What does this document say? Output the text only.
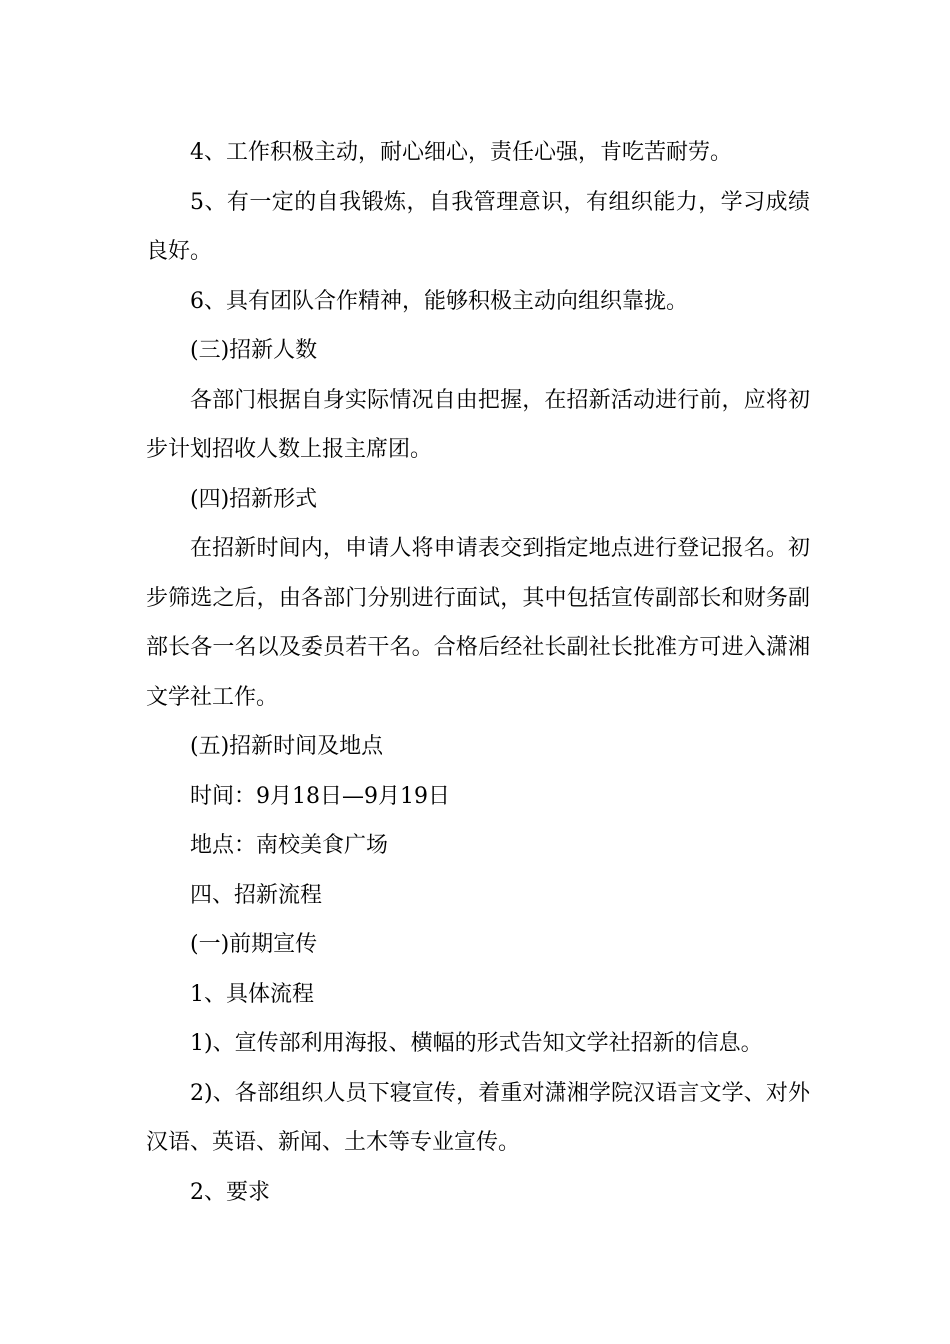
4、工作积极主动，耐心细心，责任心强，肯吃苦耐劳。

5、有一定的自我锻炼，自我管理意识，有组织能力，学习成绩良好。

6、具有团队合作精神，能够积极主动向组织靠拢。

(三)招新人数

各部门根据自身实际情况自由把握，在招新活动进行前，应将初步计划招收人数上报主席团。

(四)招新形式

在招新时间内，申请人将申请表交到指定地点进行登记报名。初步筛选之后，由各部门分别进行面试，其中包括宣传副部长和财务副部长各一名以及委员若干名。合格后经社长副社长批准方可进入潇湘文学社工作。

(五)招新时间及地点

时间：9月18日—9月19日

地点：南校美食广场

四、招新流程

(一)前期宣传

1、具体流程

1)、宣传部利用海报、横幅的形式告知文学社招新的信息。

2)、各部组织人员下寝宣传，着重对潇湘学院汉语言文学、对外汉语、英语、新闻、土木等专业宣传。

2、要求
